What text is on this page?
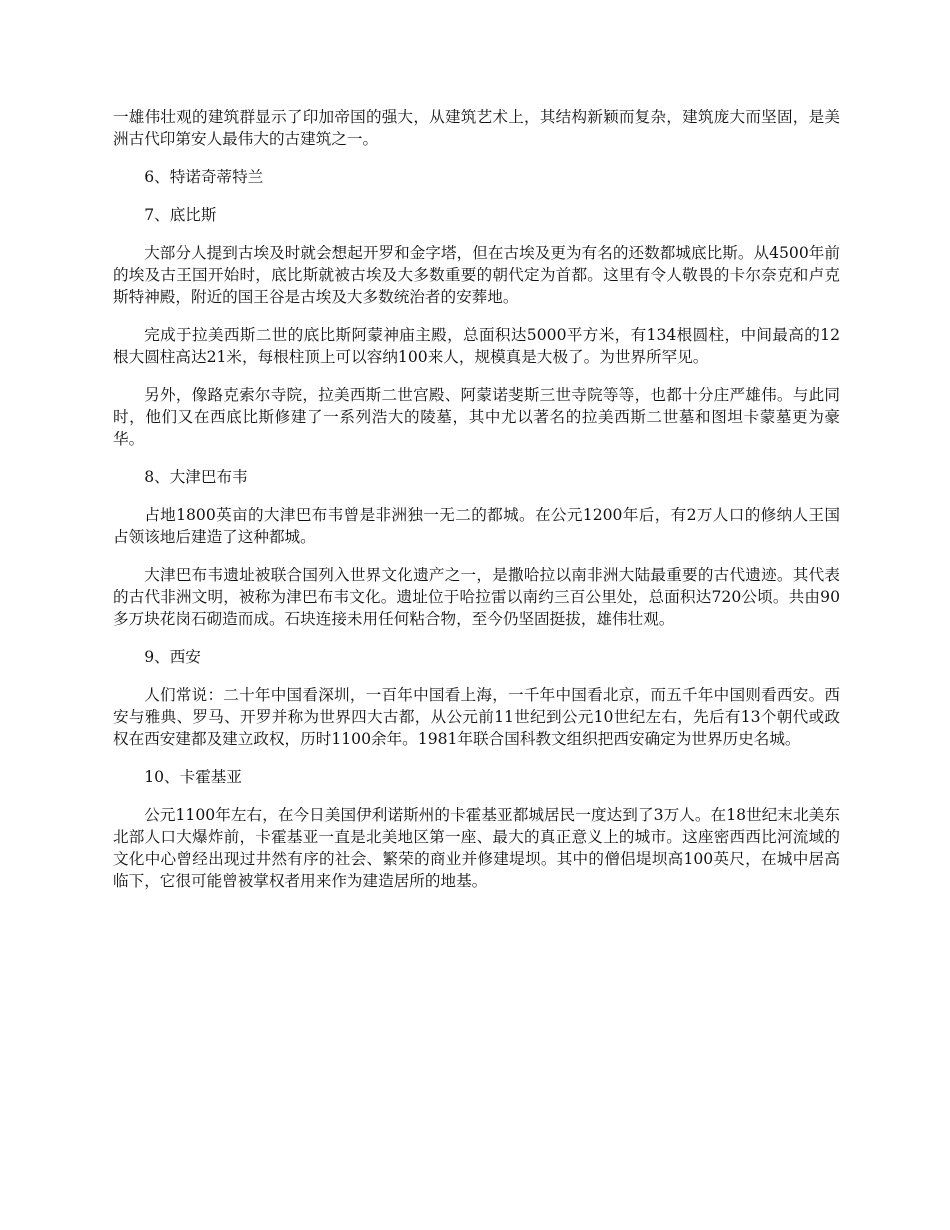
一雄伟壮观的建筑群显示了印加帝国的强大，从建筑艺术上，其结构新颖而复杂，建筑庞大而坚固，是美洲古代印第安人最伟大的古建筑之一。

6、特诺奇蒂特兰

7、底比斯

大部分人提到古埃及时就会想起开罗和金字塔，但在古埃及更为有名的还数都城底比斯。从4500年前的埃及古王国开始时，底比斯就被古埃及大多数重要的朝代定为首都。这里有令人敬畏的卡尔奈克和卢克斯特神殿，附近的国王谷是古埃及大多数统治者的安葬地。

完成于拉美西斯二世的底比斯阿蒙神庙主殿，总面积达5000平方米，有134根圆柱，中间最高的12根大圆柱高达21米，每根柱顶上可以容纳100来人，规模真是大极了。为世界所罕见。

另外，像路克索尔寺院，拉美西斯二世宫殿、阿蒙诺斐斯三世寺院等等，也都十分庄严雄伟。与此同时，他们又在西底比斯修建了一系列浩大的陵墓，其中尤以著名的拉美西斯二世墓和图坦卡蒙墓更为豪华。

8、大津巴布韦

占地1800英亩的大津巴布韦曾是非洲独一无二的都城。在公元1200年后，有2万人口的修纳人王国占领该地后建造了这种都城。

大津巴布韦遗址被联合国列入世界文化遗产之一，是撒哈拉以南非洲大陆最重要的古代遗迹。其代表的古代非洲文明，被称为津巴布韦文化。遗址位于哈拉雷以南约三百公里处，总面积达720公顷。共由90多万块花岗石砌造而成。石块连接未用任何粘合物，至今仍坚固挺拔，雄伟壮观。

9、西安

人们常说：二十年中国看深圳，一百年中国看上海，一千年中国看北京，而五千年中国则看西安。西安与雅典、罗马、开罗并称为世界四大古都，从公元前11世纪到公元10世纪左右，先后有13个朝代或政权在西安建都及建立政权，历时1100余年。1981年联合国科教文组织把西安确定为世界历史名城。

10、卡霍基亚

公元1100年左右，在今日美国伊利诺斯州的卡霍基亚都城居民一度达到了3万人。在18世纪末北美东北部人口大爆炸前，卡霍基亚一直是北美地区第一座、最大的真正意义上的城市。这座密西西比河流域的文化中心曾经出现过井然有序的社会、繁荣的商业并修建堤坝。其中的僧侣堤坝高100英尺，在城中居高临下，它很可能曾被掌权者用来作为建造居所的地基。
